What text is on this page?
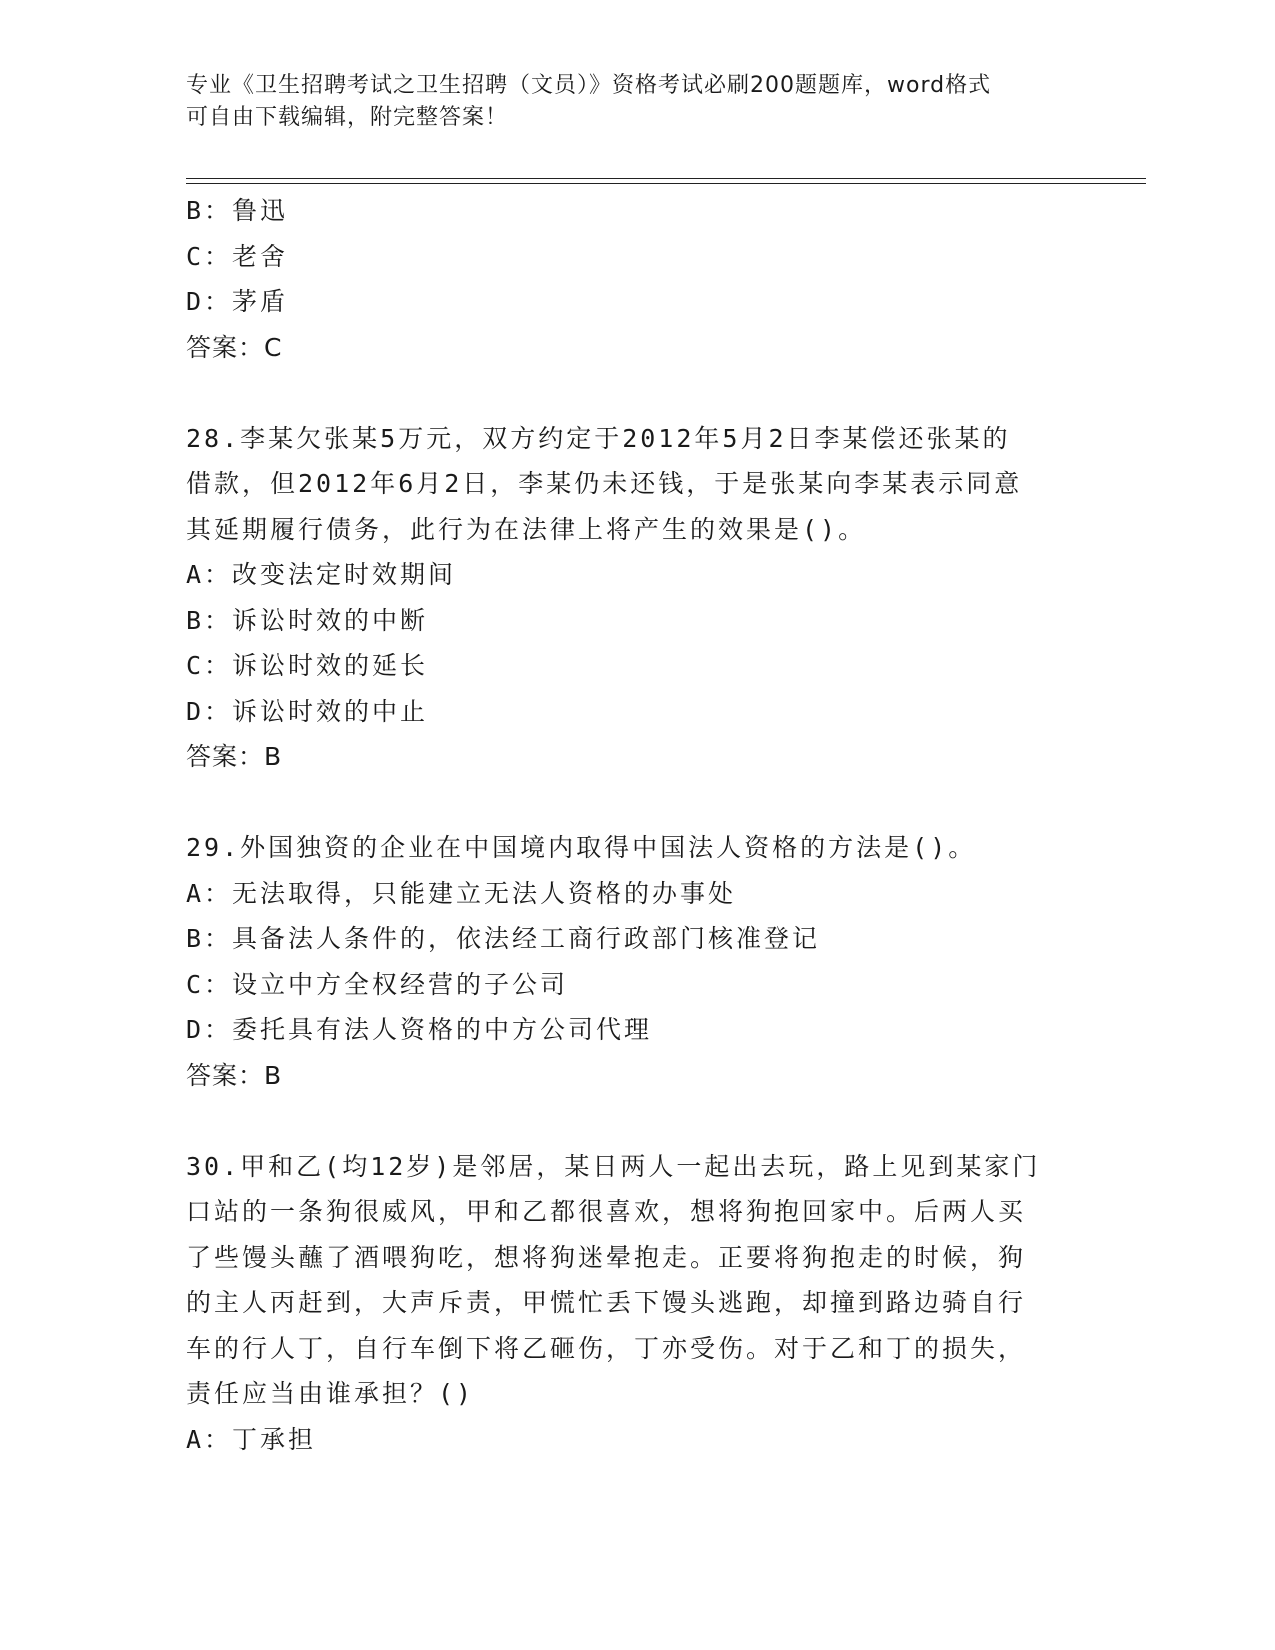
专业《卫生招聘考试之卫生招聘（文员）》资格考试必刷200题题库，word格式
可自由下载编辑，附完整答案！
B：鲁迅
C：老舍
D：茅盾
答案：C
28.李某欠张某5万元，双方约定于2012年5月2日李某偿还张某的
借款，但2012年6月2日，李某仍未还钱，于是张某向李某表示同意
其延期履行债务，此行为在法律上将产生的效果是()。
A：改变法定时效期间
B：诉讼时效的中断
C：诉讼时效的延长
D：诉讼时效的中止
答案：B
29.外国独资的企业在中国境内取得中国法人资格的方法是()。
A：无法取得，只能建立无法人资格的办事处
B：具备法人条件的，依法经工商行政部门核准登记
C：设立中方全权经营的子公司
D：委托具有法人资格的中方公司代理
答案：B
30.甲和乙(均12岁)是邻居，某日两人一起出去玩，路上见到某家门
口站的一条狗很威风，甲和乙都很喜欢，想将狗抱回家中。后两人买
了些馒头蘸了酒喂狗吃，想将狗迷晕抱走。正要将狗抱走的时候，狗
的主人丙赶到，大声斥责，甲慌忙丢下馒头逃跑，却撞到路边骑自行
车的行人丁，自行车倒下将乙砸伤，丁亦受伤。对于乙和丁的损失，
责任应当由谁承担？()
A：丁承担
